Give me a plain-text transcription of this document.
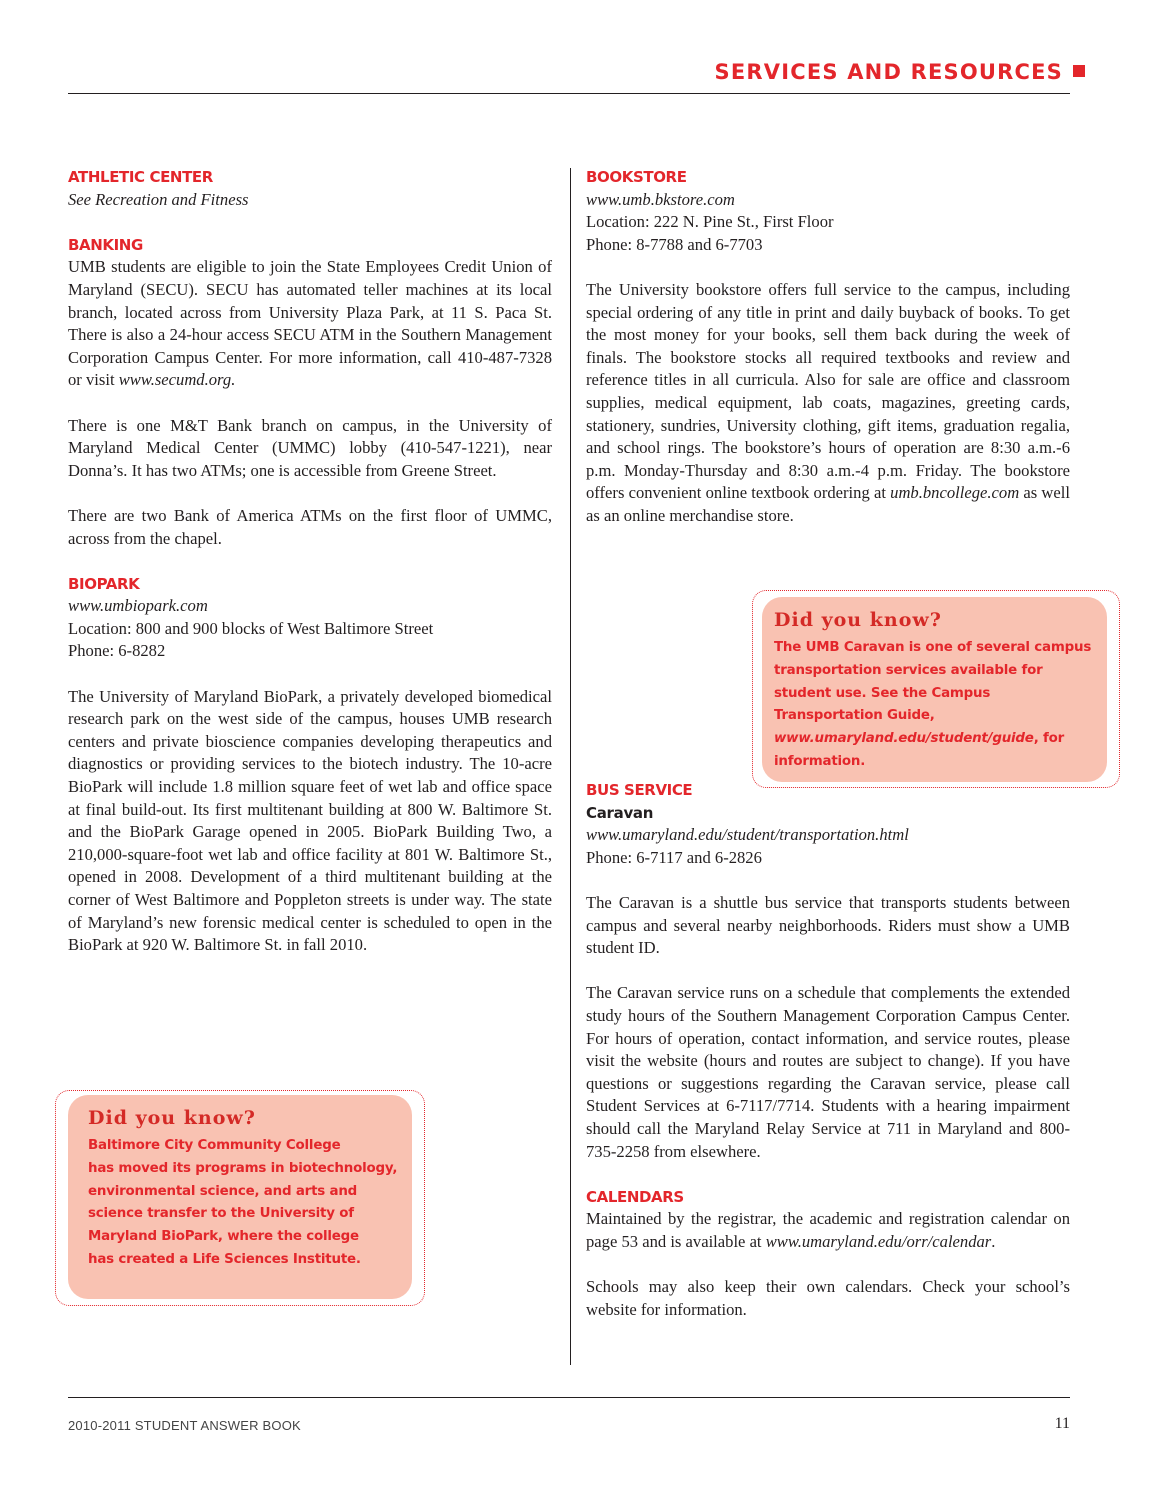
SERVICES AND RESOURCES
ATHLETIC CENTER

See Recreation and Fitness

BANKING

UMB students are eligible to join the State Employees Credit Union of Maryland (SECU). SECU has automated teller machines at its local branch, located across from University Plaza Park, at 11 S. Paca St. There is also a 24-hour access SECU ATM in the Southern Management Corporation Campus Center. For more information, call 410-487-7328 or visit www.secumd.org.

There is one M&T Bank branch on campus, in the University of Maryland Medical Center (UMMC) lobby (410-547-1221), near Donna’s. It has two ATMs; one is accessible from Greene Street.

There are two Bank of America ATMs on the first floor of UMMC, across from the chapel.

BIOPARK

www.umbiopark.com

Location: 800 and 900 blocks of West Baltimore Street

Phone: 6-8282

The University of Maryland BioPark, a privately developed biomedical research park on the west side of the campus, houses UMB research centers and private bioscience companies developing therapeutics and diagnostics or providing services to the biotech industry. The 10-acre BioPark will include 1.8 million square feet of wet lab and office space at final build-out. Its first multitenant building at 800 W. Baltimore St. and the BioPark Garage opened in 2005. BioPark Building Two, a 210,000-square-foot wet lab and office facility at 801 W. Baltimore St., opened in 2008. Development of a third multitenant building at the corner of West Baltimore and Poppleton streets is under way. The state of Maryland’s new forensic medical center is scheduled to open in the BioPark at 920 W. Baltimore St. in fall 2010.

Did you know?

Baltimore City Community College

has moved its programs in biotechnology,

environmental science, and arts and

science transfer to the University of

Maryland BioPark, where the college

has created a Life Sciences Institute.

BOOKSTORE

www.umb.bkstore.com

Location: 222 N. Pine St., First Floor

Phone: 8-7788 and 6-7703

The University bookstore offers full service to the campus, including special ordering of any title in print and daily buyback of books. To get the most money for your books, sell them back during the week of finals. The bookstore stocks all required textbooks and review and reference titles in all curricula. Also for sale are office and classroom supplies, medical equipment, lab coats, magazines, greeting cards, stationery, sundries, University clothing, gift items, graduation regalia, and school rings. The bookstore’s hours of operation are 8:30 a.m.-6 p.m. Monday-Thursday and 8:30 a.m.-4 p.m. Friday. The bookstore offers convenient online textbook ordering at umb.bncollege.com as well as an online merchandise store.

Did you know?

The UMB Caravan is one of several campus transportation services available for student use. See the Campus Transportation Guide, www.umaryland.edu/student/guide, for information.

BUS SERVICE

Caravan

www.umaryland.edu/student/transportation.html

Phone: 6-7117 and 6-2826

The Caravan is a shuttle bus service that transports students between campus and several nearby neighborhoods. Riders must show a UMB student ID.

The Caravan service runs on a schedule that complements the extended study hours of the Southern Management Corporation Campus Center. For hours of operation, contact information, and service routes, please visit the website (hours and routes are subject to change). If you have questions or suggestions regarding the Caravan service, please call Student Services at 6-7117/7714. Students with a hearing impairment should call the Maryland Relay Service at 711 in Maryland and 800-735-2258 from elsewhere.

CALENDARS

Maintained by the registrar, the academic and registration calendar on page 53 and is available at www.umaryland.edu/orr/calendar.

Schools may also keep their own calendars. Check your school’s website for information.

2010-2011 STUDENT ANSWER BOOK	11
